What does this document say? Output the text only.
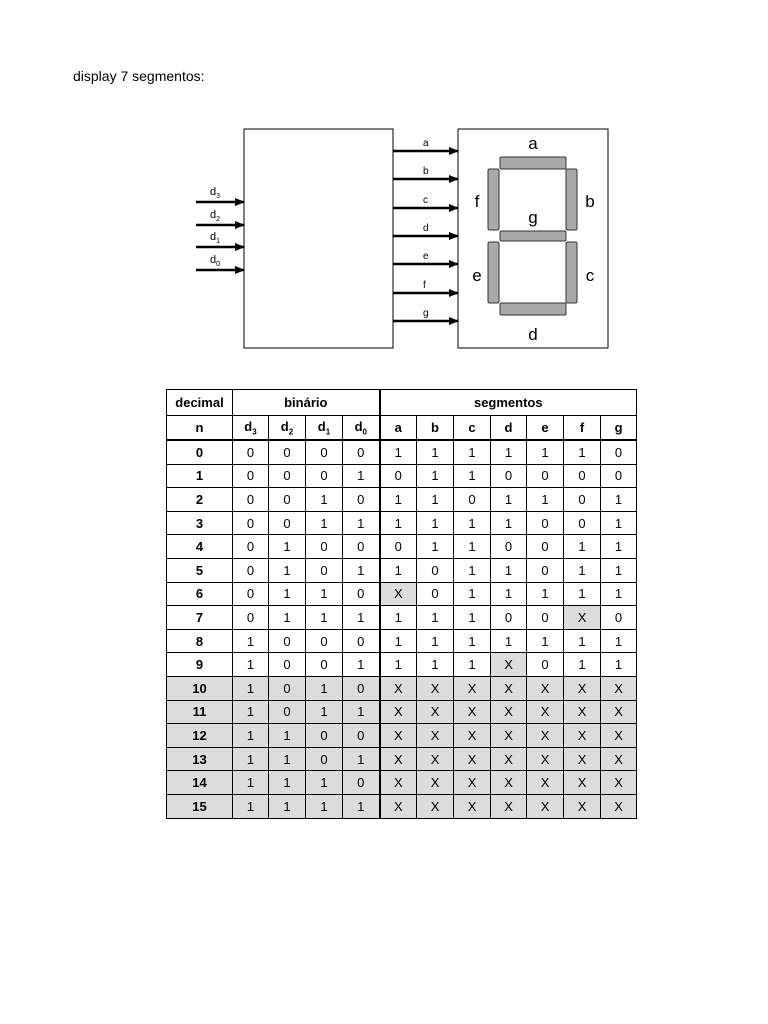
display 7 segmentos:
$d_3$
$d_2$
$d_1$
$d_0$
a
b
c
d
e
f
g
a
b
c
d
e
f
g
decimal	binário				segmentos						
n	$d_3$	$d_2$	$d_1$	$d_0$	a	b	c	d	e	f	g
0	0	0	0	0	1	1	1	1	1	1	0
1	0	0	0	1	0	1	1	0	0	0	0
2	0	0	1	0	1	1	0	1	1	0	1
3	0	0	1	1	1	1	1	1	0	0	1
4	0	1	0	0	0	1	1	0	0	1	1
5	0	1	0	1	1	0	1	1	0	1	1
6	0	1	1	0	X	0	1	1	1	1	1
7	0	1	1	1	1	1	1	0	0	X	0
8	1	0	0	0	1	1	1	1	1	1	1
9	1	0	0	1	1	1	1	X	0	1	1
10	1	0	1	0	X	X	X	X	X	X	X
11	1	0	1	1	X	X	X	X	X	X	X
12	1	1	0	0	X	X	X	X	X	X	X
13	1	1	0	1	X	X	X	X	X	X	X
14	1	1	1	0	X	X	X	X	X	X	X
15	1	1	1	1	X	X	X	X	X	X	X
